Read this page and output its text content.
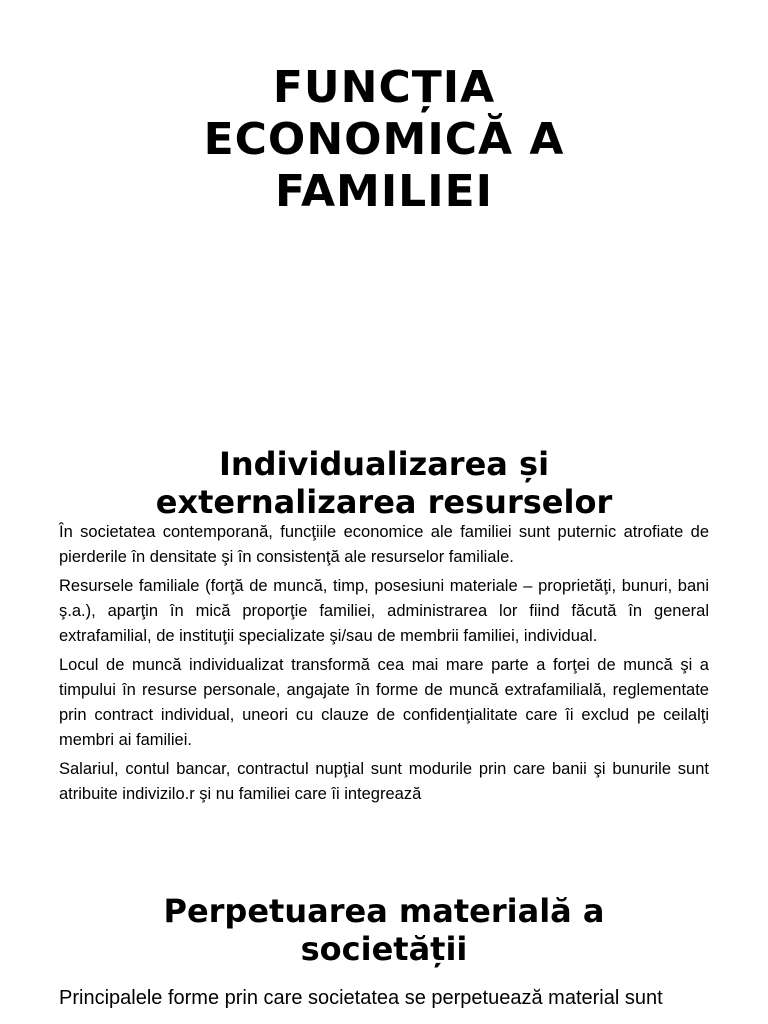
FUNCȚIA
ECONOMICĂ A
FAMILIEI
Individualizarea și
externalizarea resurselor

În societatea contemporană, funcţiile economice ale familiei sunt puternic atrofiate de pierderile în densitate şi în consistenţă ale resurselor familiale.

Resursele familiale (forţă de muncă, timp, posesiuni materiale – proprietăţi, bunuri, bani ş.a.), aparţin în mică proporţie familiei, administrarea lor fiind făcută în general extrafamilial, de instituţii specializate şi/sau de membrii familiei, individual.

Locul de muncă individualizat transformă cea mai mare parte a forţei de muncă şi a timpului în resurse personale, angajate în forme de muncă extrafamilială, reglementate prin contract individual, uneori cu clauze de confidenţialitate care îi exclud pe ceilalţi membri ai familiei.

Salariul, contul bancar, contractul nupţial sunt modurile prin care banii şi bunurile sunt atribuite indivizilo.r şi nu familiei care îi integrează

Perpetuarea materială a
societății

Principalele forme prin care societatea se perpetuează material sunt
